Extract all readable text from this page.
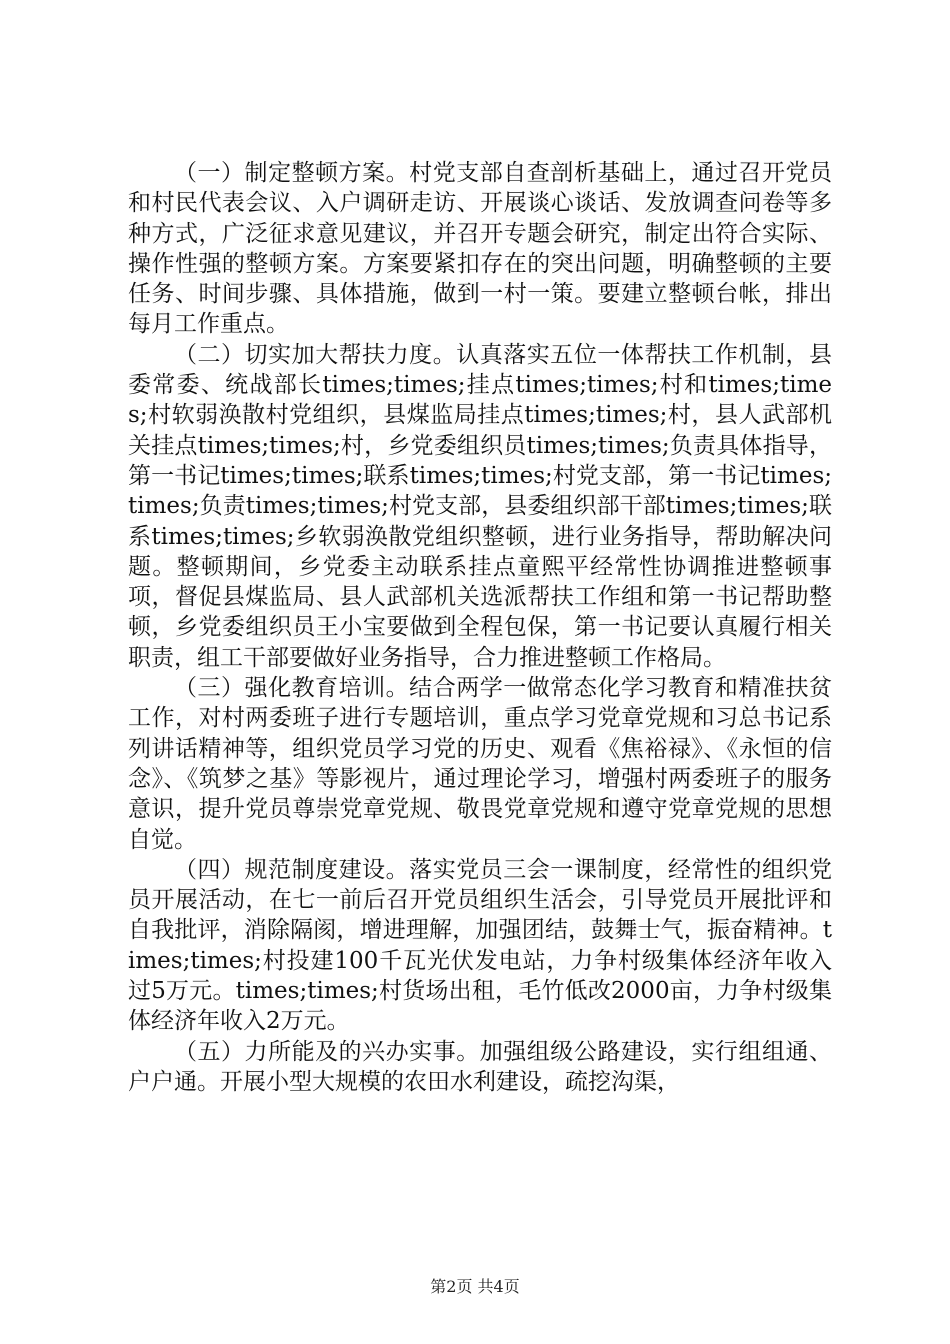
（一）制定整顿方案。村党支部自查剖析基础上，通过召开党员和村民代表会议、入户调研走访、开展谈心谈话、发放调查问卷等多种方式，广泛征求意见建议，并召开专题会研究，制定出符合实际、操作性强的整顿方案。方案要紧扣存在的突出问题，明确整顿的主要任务、时间步骤、具体措施，做到一村一策。要建立整顿台帐，排出每月工作重点。

（二）切实加大帮扶力度。认真落实五位一体帮扶工作机制，县委常委、统战部长times;times;挂点times;times;村和times;times;村软弱涣散村党组织，县煤监局挂点times;times;村，县人武部机关挂点times;times;村，乡党委组织员times;times;负责具体指导，第一书记times;times;联系times;times;村党支部，第一书记times;times;负责times;times;村党支部，县委组织部干部times;times;联系times;times;乡软弱涣散党组织整顿，进行业务指导，帮助解决问题。整顿期间，乡党委主动联系挂点童熙平经常性协调推进整顿事项，督促县煤监局、县人武部机关选派帮扶工作组和第一书记帮助整顿，乡党委组织员王小宝要做到全程包保，第一书记要认真履行相关职责，组工干部要做好业务指导，合力推进整顿工作格局。

（三）强化教育培训。结合两学一做常态化学习教育和精准扶贫工作，对村两委班子进行专题培训，重点学习党章党规和习总书记系列讲话精神等，组织党员学习党的历史、观看《焦裕禄》、《永恒的信念》、《筑梦之基》等影视片，通过理论学习，增强村两委班子的服务意识，提升党员尊崇党章党规、敬畏党章党规和遵守党章党规的思想自觉。

（四）规范制度建设。落实党员三会一课制度，经常性的组织党员开展活动，在七一前后召开党员组织生活会，引导党员开展批评和自我批评，消除隔阂，增进理解，加强团结，鼓舞士气，振奋精神。times;times;村投建100千瓦光伏发电站，力争村级集体经济年收入过5万元。times;times;村货场出租，毛竹低改2000亩，力争村级集体经济年收入2万元。

（五）力所能及的兴办实事。加强组级公路建设，实行组组通、户户通。开展小型大规模的农田水利建设，疏挖沟渠，

第2页 共4页
